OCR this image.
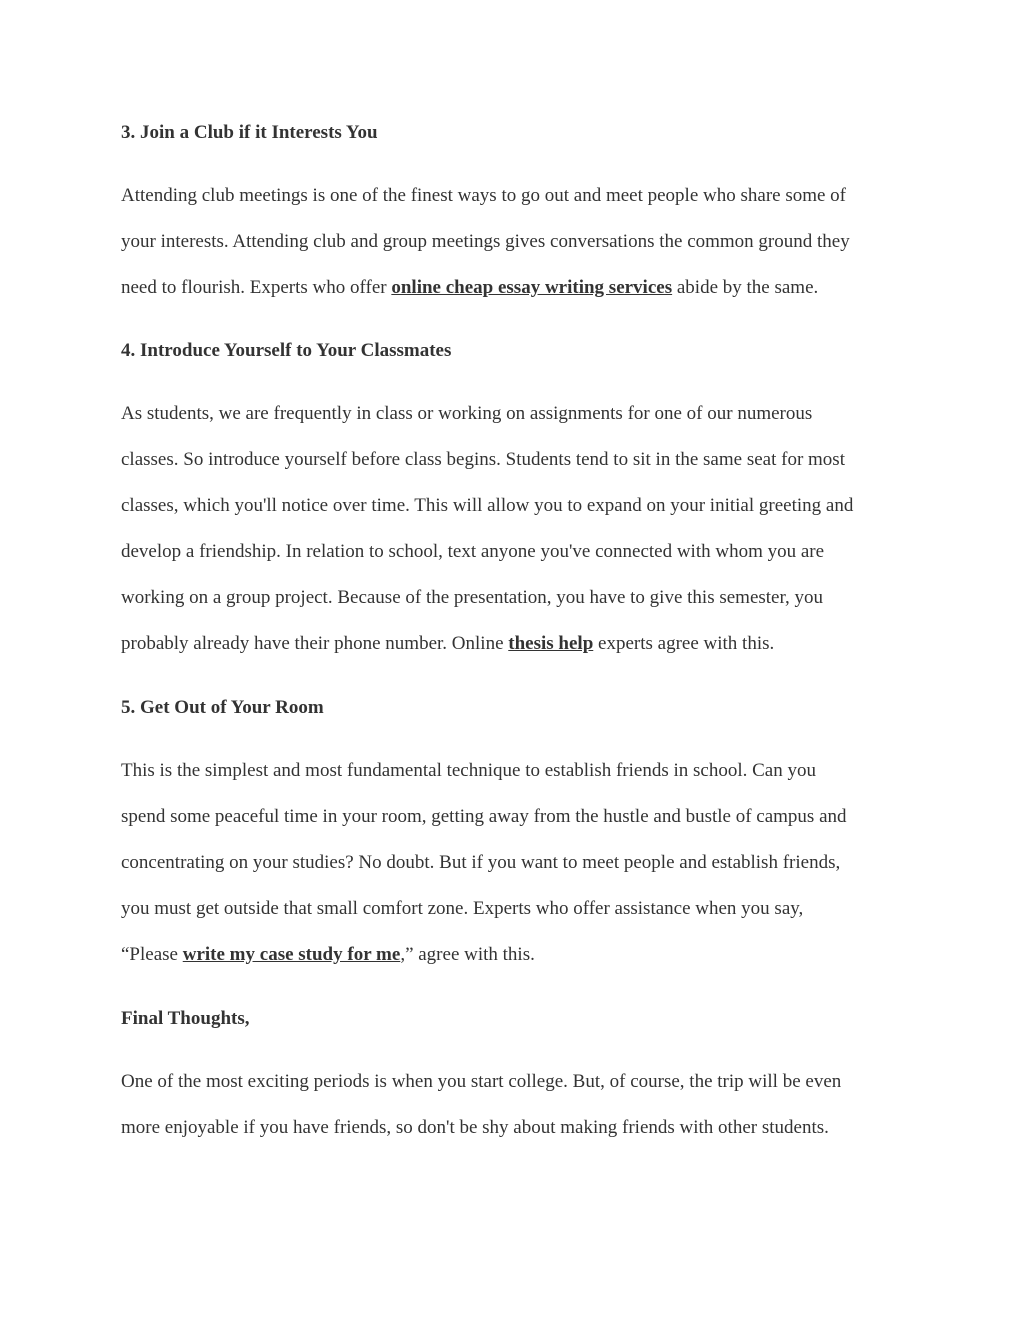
3. Join a Club if it Interests You
Attending club meetings is one of the finest ways to go out and meet people who share some of
your interests. Attending club and group meetings gives conversations the common ground they
need to flourish. Experts who offer online cheap essay writing services abide by the same.
4. Introduce Yourself to Your Classmates
As students, we are frequently in class or working on assignments for one of our numerous
classes. So introduce yourself before class begins. Students tend to sit in the same seat for most
classes, which you'll notice over time. This will allow you to expand on your initial greeting and
develop a friendship. In relation to school, text anyone you've connected with whom you are
working on a group project. Because of the presentation, you have to give this semester, you
probably already have their phone number. Online thesis help experts agree with this.
5. Get Out of Your Room
This is the simplest and most fundamental technique to establish friends in school. Can you
spend some peaceful time in your room, getting away from the hustle and bustle of campus and
concentrating on your studies? No doubt. But if you want to meet people and establish friends,
you must get outside that small comfort zone. Experts who offer assistance when you say,
“Please write my case study for me,” agree with this.
Final Thoughts,
One of the most exciting periods is when you start college. But, of course, the trip will be even
more enjoyable if you have friends, so don't be shy about making friends with other students.
